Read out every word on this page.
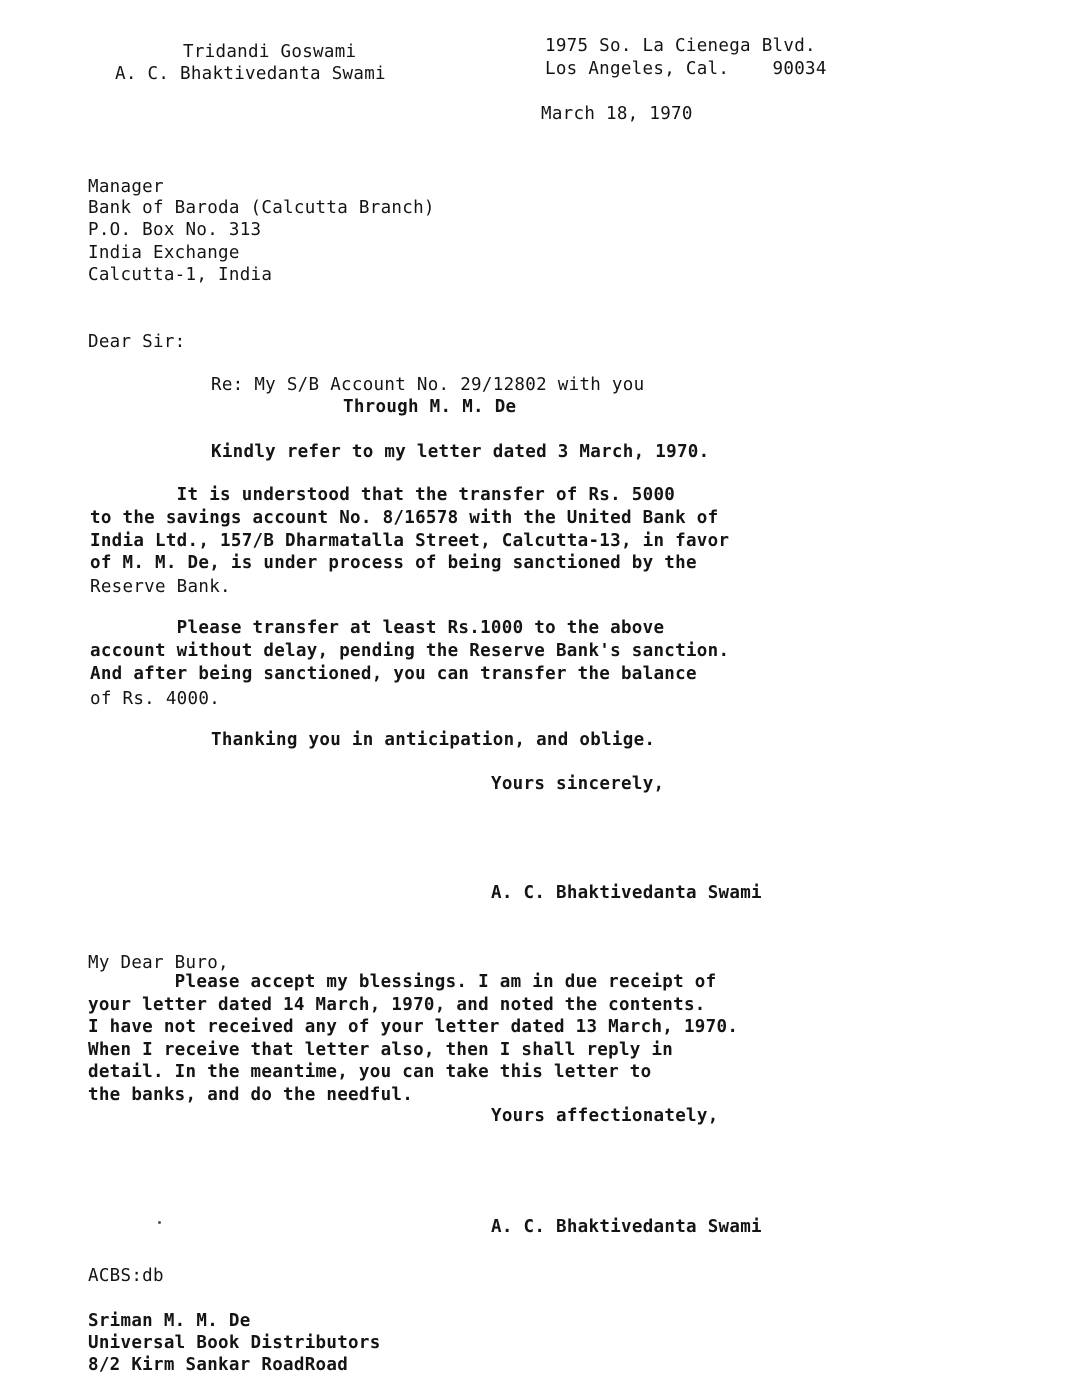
Tridandi Goswami
A. C. Bhaktivedanta Swami
1975 So. La Cienega Blvd.
Los Angeles, Cal.    90034
March 18, 1970
Manager
Bank of Baroda (Calcutta Branch)
P.O. Box No. 313
India Exchange
Calcutta-1, India
Dear Sir:
Re: My S/B Account No. 29/12802 with you
Through M. M. De
Kindly refer to my letter dated 3 March, 1970.
It is understood that the transfer of Rs. 5000
to the savings account No. 8/16578 with the United Bank of
India Ltd., 157/B Dharmatalla Street, Calcutta-13, in favor
of M. M. De, is under process of being sanctioned by the
Reserve Bank.
Please transfer at least Rs.1000 to the above
account without delay, pending the Reserve Bank's sanction.
And after being sanctioned, you can transfer the balance
of Rs. 4000.
Thanking you in anticipation, and oblige.
Yours sincerely,
A. C. Bhaktivedanta Swami
My Dear Buro,
Please accept my blessings. I am in due receipt of
your letter dated 14 March, 1970, and noted the contents.
I have not received any of your letter dated 13 March, 1970.
When I receive that letter also, then I shall reply in
detail. In the meantime, you can take this letter to
the banks, and do the needful.
Yours affectionately,
A. C. Bhaktivedanta Swami
ACBS:db
Sriman M. M. De
Universal Book Distributors
8/2 Kirm Sankar RoadRoad
